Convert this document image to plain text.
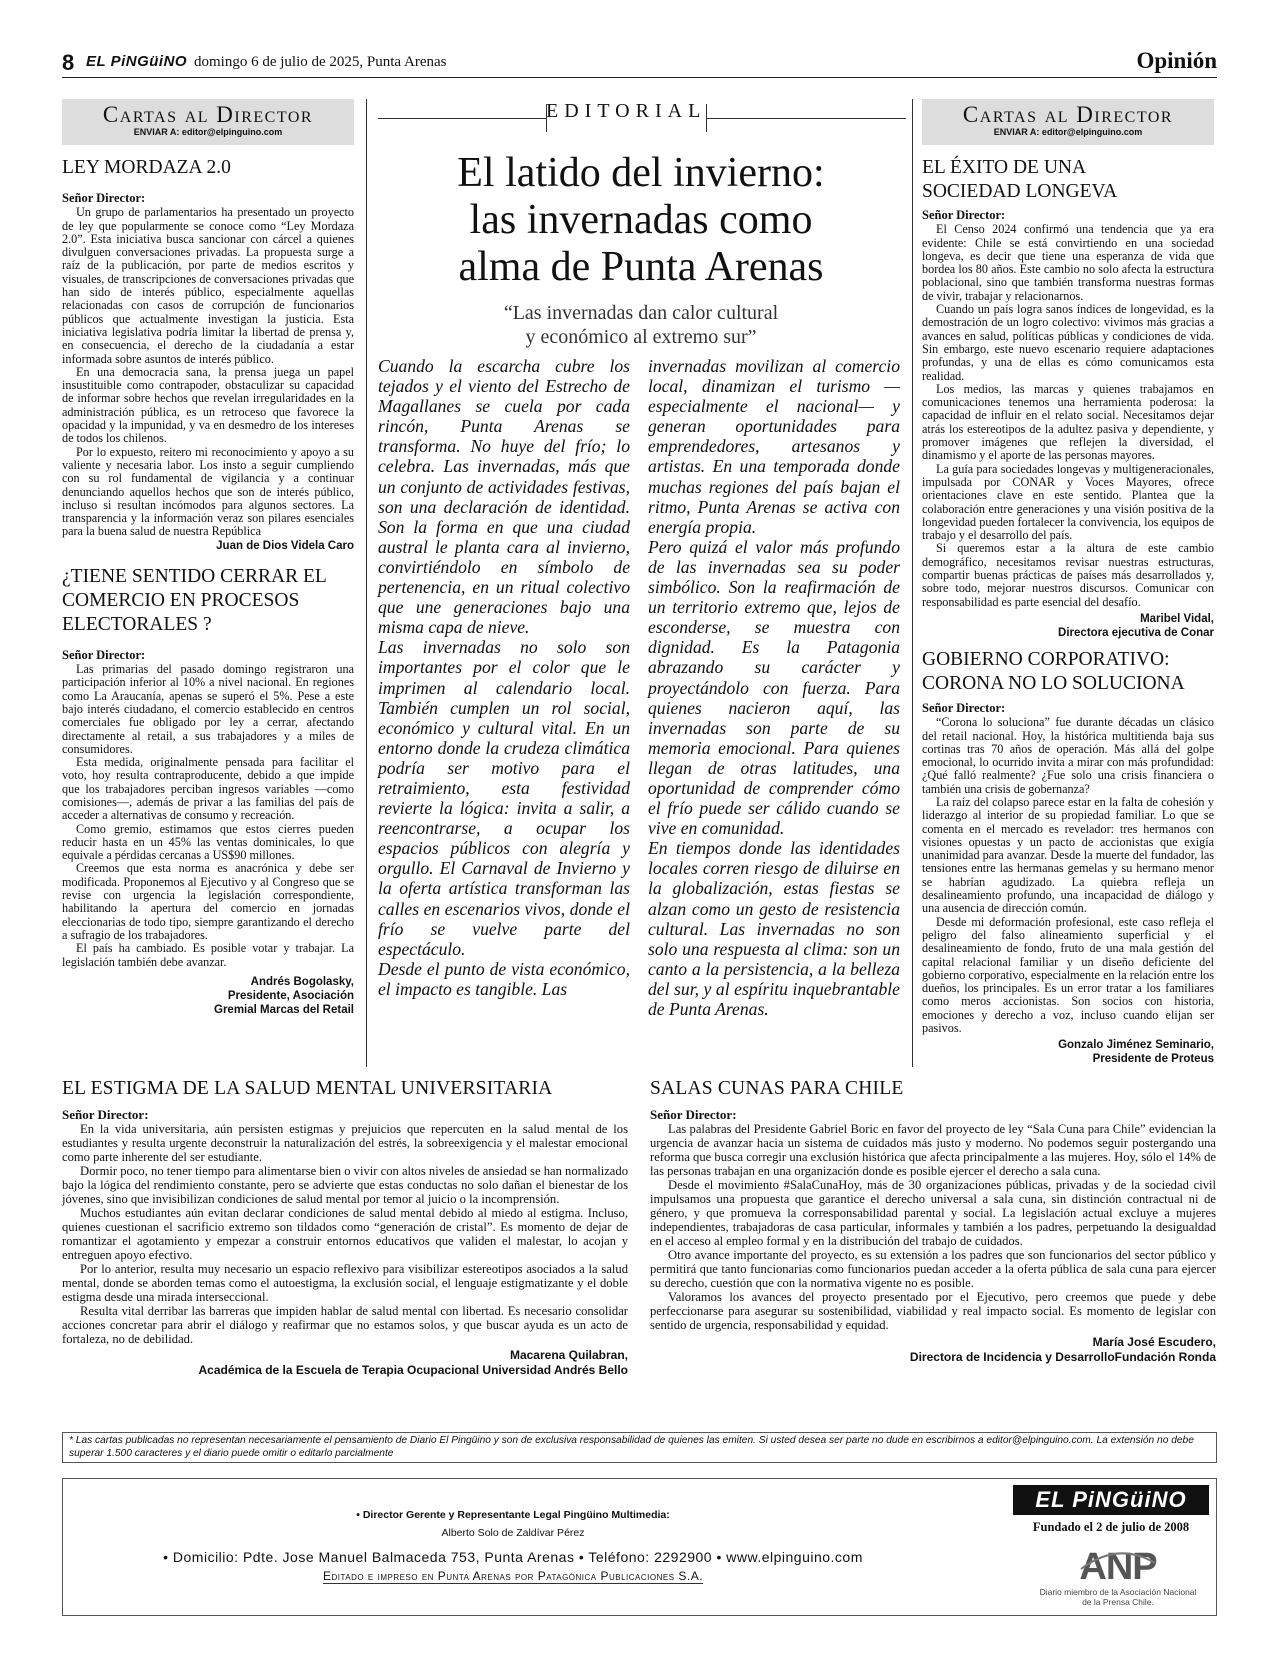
8 EL PiNGüiNO domingo 6 de julio de 2025, Punta Arenas	Opinión
Cartas al Director
ENVIAR A: editor@elpinguino.com
Cartas al Director
ENVIAR A: editor@elpinguino.com
LEY MORDAZA 2.0
Señor Director:

Un grupo de parlamentarios ha presentado un proyecto de ley que popularmente se conoce como “Ley Mordaza 2.0”. Esta iniciativa busca sancionar con cárcel a quienes divulguen conversaciones privadas. La propuesta surge a raíz de la publicación, por parte de medios escritos y visuales, de transcripciones de conversaciones privadas que han sido de interés público, especialmente aquellas relacionadas con casos de corrupción de funcionarios públicos que actualmente investigan la justicia. Esta iniciativa legislativa podría limitar la libertad de prensa y, en consecuencia, el derecho de la ciudadanía a estar informada sobre asuntos de interés público.

En una democracia sana, la prensa juega un papel insustituible como contrapoder, obstaculizar su capacidad de informar sobre hechos que revelan irregularidades en la administración pública, es un retroceso que favorece la opacidad y la impunidad, y va en desmedro de los intereses de todos los chilenos.

Por lo expuesto, reitero mi reconocimiento y apoyo a su valiente y necesaria labor. Los insto a seguir cumpliendo con su rol fundamental de vigilancia y a continuar denunciando aquellos hechos que son de interés público, incluso si resultan incómodos para algunos sectores. La transparencia y la información veraz son pilares esenciales para la buena salud de nuestra República

Juan de Dios Videla Caro
¿TIENE SENTIDO CERRAR EL COMERCIO EN PROCESOS ELECTORALES ?
Señor Director:

Las primarias del pasado domingo registraron una participación inferior al 10% a nivel nacional. En regiones como La Araucanía, apenas se superó el 5%. Pese a este bajo interés ciudadano, el comercio establecido en centros comerciales fue obligado por ley a cerrar, afectando directamente al retail, a sus trabajadores y a miles de consumidores.

Esta medida, originalmente pensada para facilitar el voto, hoy resulta contraproducente, debido a que impide que los trabajadores perciban ingresos variables —como comisiones—, además de privar a las familias del país de acceder a alternativas de consumo y recreación.

Como gremio, estimamos que estos cierres pueden reducir hasta en un 45% las ventas dominicales, lo que equivale a pérdidas cercanas a US$90 millones.

Creemos que esta norma es anacrónica y debe ser modificada. Proponemos al Ejecutivo y al Congreso que se revise con urgencia la legislación correspondiente, habilitando la apertura del comercio en jornadas eleccionarias de todo tipo, siempre garantizando el derecho a sufragio de los trabajadores.

El país ha cambiado. Es posible votar y trabajar. La legislación también debe avanzar.

Andrés Bogolasky,
Presidente, Asociación
Gremial Marcas del Retail
EDITORIAL
El latido del invierno:
las invernadas como
alma de Punta Arenas
“Las invernadas dan calor cultural
y económico al extremo sur”
Cuando la escarcha cubre los tejados y el viento del Estrecho de Magallanes se cuela por cada rincón, Punta Arenas se transforma. No huye del frío; lo celebra. Las invernadas, más que un conjunto de actividades festivas, son una declaración de identidad. Son la forma en que una ciudad austral le planta cara al invierno, convirtiéndolo en símbolo de pertenencia, en un ritual colectivo que une generaciones bajo una misma capa de nieve.
Las invernadas no solo son importantes por el color que le imprimen al calendario local. También cumplen un rol social, económico y cultural vital. En un entorno donde la crudeza climática podría ser motivo para el retraimiento, esta festividad revierte la lógica: invita a salir, a reencontrarse, a ocupar los espacios públicos con alegría y orgullo. El Carnaval de Invierno y la oferta artística transforman las calles en escenarios vivos, donde el frío se vuelve parte del espectáculo.
Desde el punto de vista económico, el impacto es tangible. Las
invernadas movilizan al comercio local, dinamizan el turismo —especialmente el nacional— y generan oportunidades para emprendedores, artesanos y artistas. En una temporada donde muchas regiones del país bajan el ritmo, Punta Arenas se activa con energía propia.
Pero quizá el valor más profundo de las invernadas sea su poder simbólico. Son la reafirmación de un territorio extremo que, lejos de esconderse, se muestra con dignidad. Es la Patagonia abrazando su carácter y proyectándolo con fuerza. Para quienes nacieron aquí, las invernadas son parte de su memoria emocional. Para quienes llegan de otras latitudes, una oportunidad de comprender cómo el frío puede ser cálido cuando se vive en comunidad.
En tiempos donde las identidades locales corren riesgo de diluirse en la globalización, estas fiestas se alzan como un gesto de resistencia cultural. Las invernadas no son solo una respuesta al clima: son un canto a la persistencia, a la belleza del sur, y al espíritu inquebrantable de Punta Arenas.
EL ÉXITO DE UNA SOCIEDAD LONGEVA
Señor Director:

El Censo 2024 confirmó una tendencia que ya era evidente: Chile se está convirtiendo en una sociedad longeva, es decir que tiene una esperanza de vida que bordea los 80 años. Este cambio no solo afecta la estructura poblacional, sino que también transforma nuestras formas de vivir, trabajar y relacionarnos.

Cuando un país logra sanos índices de longevidad, es la demostración de un logro colectivo: vivimos más gracias a avances en salud, políticas públicas y condiciones de vida. Sin embargo, este nuevo escenario requiere adaptaciones profundas, y una de ellas es cómo comunicamos esta realidad.

Los medios, las marcas y quienes trabajamos en comunicaciones tenemos una herramienta poderosa: la capacidad de influir en el relato social. Necesitamos dejar atrás los estereotipos de la adultez pasiva y dependiente, y promover imágenes que reflejen la diversidad, el dinamismo y el aporte de las personas mayores.

La guía para sociedades longevas y multigeneracionales, impulsada por CONAR y Voces Mayores, ofrece orientaciones clave en este sentido. Plantea que la colaboración entre generaciones y una visión positiva de la longevidad pueden fortalecer la convivencia, los equipos de trabajo y el desarrollo del país.

Si queremos estar a la altura de este cambio demográfico, necesitamos revisar nuestras estructuras, compartir buenas prácticas de países más desarrollados y, sobre todo, mejorar nuestros discursos. Comunicar con responsabilidad es parte esencial del desafío.

Maribel Vidal,
Directora ejecutiva de Conar
GOBIERNO CORPORATIVO: CORONA NO LO SOLUCIONA
Señor Director:

“Corona lo soluciona” fue durante décadas un clásico del retail nacional. Hoy, la histórica multitienda baja sus cortinas tras 70 años de operación. Más allá del golpe emocional, lo ocurrido invita a mirar con más profundidad: ¿Qué falló realmente? ¿Fue solo una crisis financiera o también una crisis de gobernanza?

La raíz del colapso parece estar en la falta de cohesión y liderazgo al interior de su propiedad familiar. Lo que se comenta en el mercado es revelador: tres hermanos con visiones opuestas y un pacto de accionistas que exigía unanimidad para avanzar. Desde la muerte del fundador, las tensiones entre las hermanas gemelas y su hermano menor se habrían agudizado. La quiebra refleja un desalineamiento profundo, una incapacidad de diálogo y una ausencia de dirección común.

Desde mi deformación profesional, este caso refleja el peligro del falso alineamiento superficial y el desalineamiento de fondo, fruto de una mala gestión del capital relacional familiar y un diseño deficiente del gobierno corporativo, especialmente en la relación entre los dueños, los principales. Es un error tratar a los familiares como meros accionistas. Son socios con historia, emociones y derecho a voz, incluso cuando elijan ser pasivos.

Gonzalo Jiménez Seminario,
Presidente de Proteus
EL ESTIGMA DE LA SALUD MENTAL UNIVERSITARIA
Señor Director:

En la vida universitaria, aún persisten estigmas y prejuicios que repercuten en la salud mental de los estudiantes y resulta urgente deconstruir la naturalización del estrés, la sobreexigencia y el malestar emocional como parte inherente del ser estudiante.

Dormir poco, no tener tiempo para alimentarse bien o vivir con altos niveles de ansiedad se han normalizado bajo la lógica del rendimiento constante, pero se advierte que estas conductas no solo dañan el bienestar de los jóvenes, sino que invisibilizan condiciones de salud mental por temor al juicio o la incomprensión.

Muchos estudiantes aún evitan declarar condiciones de salud mental debido al miedo al estigma. Incluso, quienes cuestionan el sacrificio extremo son tildados como “generación de cristal”. Es momento de dejar de romantizar el agotamiento y empezar a construir entornos educativos que validen el malestar, lo acojan y entreguen apoyo efectivo.

Por lo anterior, resulta muy necesario un espacio reflexivo para visibilizar estereotipos asociados a la salud mental, donde se aborden temas como el autoestigma, la exclusión social, el lenguaje estigmatizante y el doble estigma desde una mirada interseccional.

Resulta vital derribar las barreras que impiden hablar de salud mental con libertad. Es necesario consolidar acciones concretar para abrir el diálogo y reafirmar que no estamos solos, y que buscar ayuda es un acto de fortaleza, no de debilidad.

Macarena Quilabran,
Académica de la Escuela de Terapia Ocupacional Universidad Andrés Bello
SALAS CUNAS PARA CHILE
Señor Director:

Las palabras del Presidente Gabriel Boric en favor del proyecto de ley “Sala Cuna para Chile” evidencian la urgencia de avanzar hacia un sistema de cuidados más justo y moderno. No podemos seguir postergando una reforma que busca corregir una exclusión histórica que afecta principalmente a las mujeres. Hoy, sólo el 14% de las personas trabajan en una organización donde es posible ejercer el derecho a sala cuna.

Desde el movimiento #SalaCunaHoy, más de 30 organizaciones públicas, privadas y de la sociedad civil impulsamos una propuesta que garantice el derecho universal a sala cuna, sin distinción contractual ni de género, y que promueva la corresponsabilidad parental y social. La legislación actual excluye a mujeres independientes, trabajadoras de casa particular, informales y también a los padres, perpetuando la desigualdad en el acceso al empleo formal y en la distribución del trabajo de cuidados.

Otro avance importante del proyecto, es su extensión a los padres que son funcionarios del sector público y permitirá que tanto funcionarias como funcionarios puedan acceder a la oferta pública de sala cuna para ejercer su derecho, cuestión que con la normativa vigente no es posible.

Valoramos los avances del proyecto presentado por el Ejecutivo, pero creemos que puede y debe perfeccionarse para asegurar su sostenibilidad, viabilidad y real impacto social. Es momento de legislar con sentido de urgencia, responsabilidad y equidad.

María José Escudero,
Directora de Incidencia y DesarrolloFundación Ronda
* Las cartas publicadas no representan necesariamente el pensamiento de Diario El Pingüino y son de exclusiva responsabilidad de quienes las emiten. Si usted desea ser parte no dude en escribirnos a editor@elpinguino.com. La extensión no debe superar 1.500 caracteres y el diario puede omitir o editarlo parcialmente
• Director Gerente y Representante Legal Pingüino Multimedia:
Alberto Solo de Zaldívar Pérez
• Domicilio: Pdte. Jose Manuel Balmaceda 753, Punta Arenas • Teléfono: 2292900 • www.elpinguino.com
Editado e impreso en Punta Arenas por Patagónica Publicaciones S.A.
EL PiNGüiNO
Fundado el 2 de julio de 2008
ANP
Diario miembro de la Asociación Nacional de la Prensa Chile.
